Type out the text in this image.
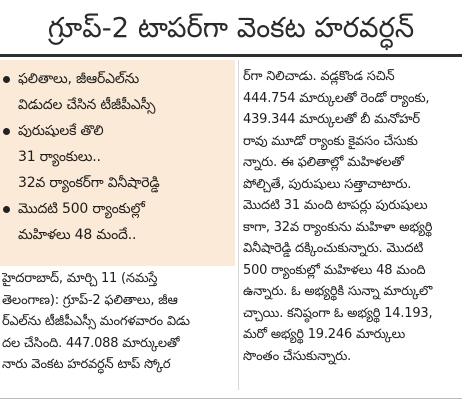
గ్రూప్-2 టాపర్‌గా వెంకట హరవర్ధన్
ఫలితాలు, జీఆర్ఎల్‌ను
విడుదల చేసిన టీజీపీఎస్సీ
పురుషులకే తొలి
31 ర్యాంకులు..
32వ ర్యాంకర్‌గా వినీషారెడ్డి
మొదటి 500 ర్యాంకుల్లో
మహిళలు 48 మందే..
హైదరాబాద్, మార్చి 11 (నమస్తే
తెలంగాణ): గ్రూప్-2 ఫలితాలు, జీఆ
ర్ఎల్‌ను టీజీపీఎస్సీ మంగళవారం విడు
దల చేసింది. 447.088 మార్కులతో
నారు వెంకట హరవర్ధన్ టాప్ స్కోర
ర్‌గా నిలిచాడు. వడ్లకొండ సచిన్
444.754 మార్కులతో రెండో ర్యాంకు,
439.344 మార్కులతో బీ మనోహర్
రావు మూడో ర్యాంకు కైవసం చేసుకు
న్నారు. ఈ ఫలితాల్లో మహిళలతో
పోల్చితే, పురుషులు సత్తాచాటారు.
మొదటి 31 మంది టాపర్లు పురుషులు
కాగా, 32వ ర్యాంకును మహిళా అభ్యర్థి
వినీషారెడ్డి దక్కించుకున్నారు. మొదటి
500 ర్యాంకుల్లో మహిళలు 48 మంది
ఉన్నారు. ఓ అభ్యర్థికి సున్నా మార్కులొ
చ్చాయి. కనిష్ఠంగా ఓ అభ్యర్థి 14.193,
మరో అభ్యర్థి 19.246 మార్కులు
సొంతం చేసుకున్నారు.
